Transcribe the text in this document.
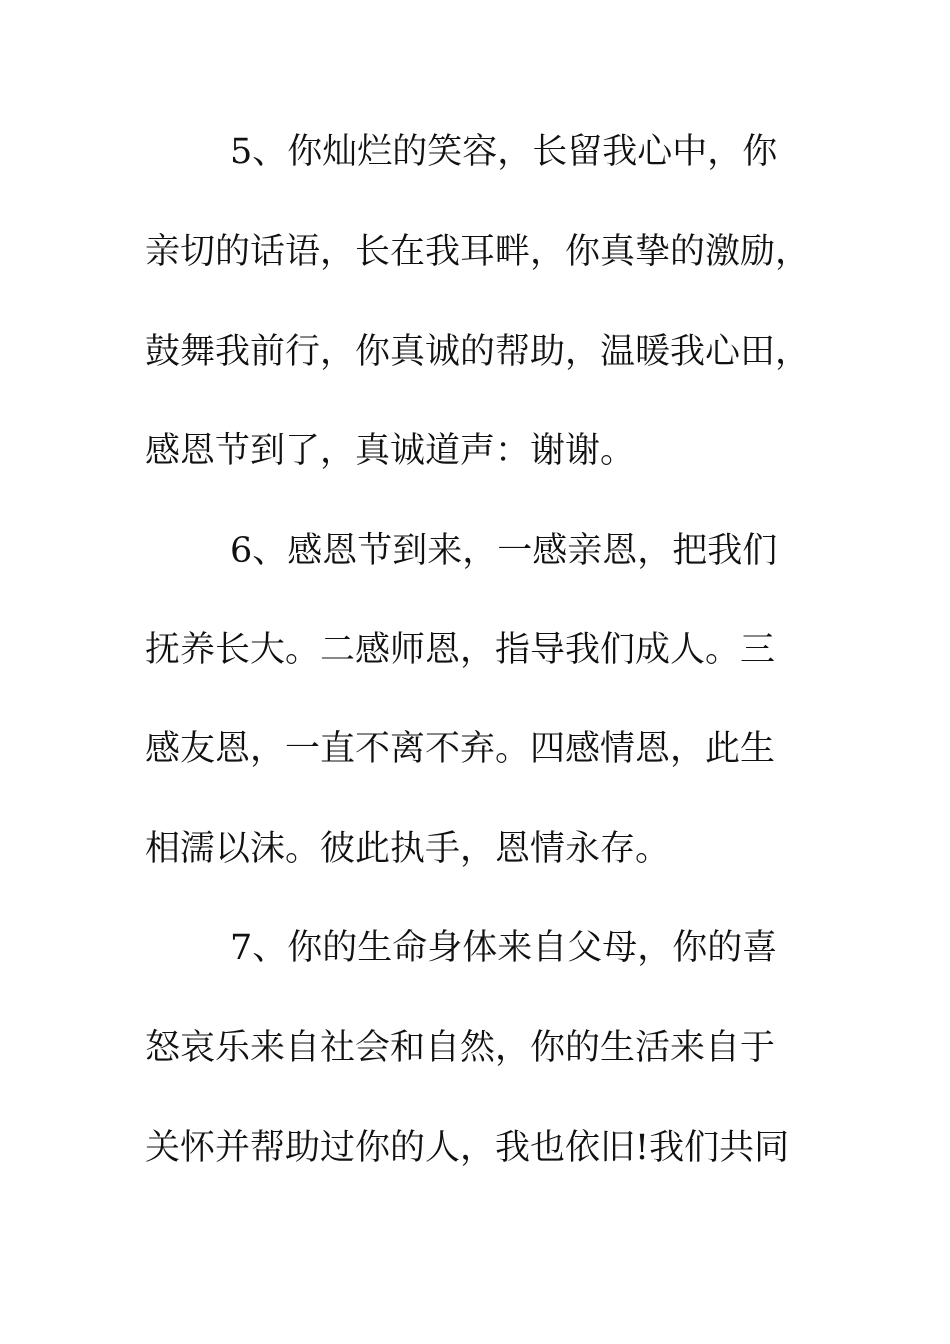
5、你灿烂的笑容，长留我心中，你
亲切的话语，长在我耳畔，你真挚的激励，
鼓舞我前行，你真诚的帮助，温暖我心田，
感恩节到了，真诚道声：谢谢。
6、感恩节到来，一感亲恩，把我们
抚养长大。二感师恩，指导我们成人。三
感友恩，一直不离不弃。四感情恩，此生
相濡以沫。彼此执手，恩情永存。
7、你的生命身体来自父母，你的喜
怒哀乐来自社会和自然，你的生活来自于
关怀并帮助过你的人，我也依旧!我们共同
